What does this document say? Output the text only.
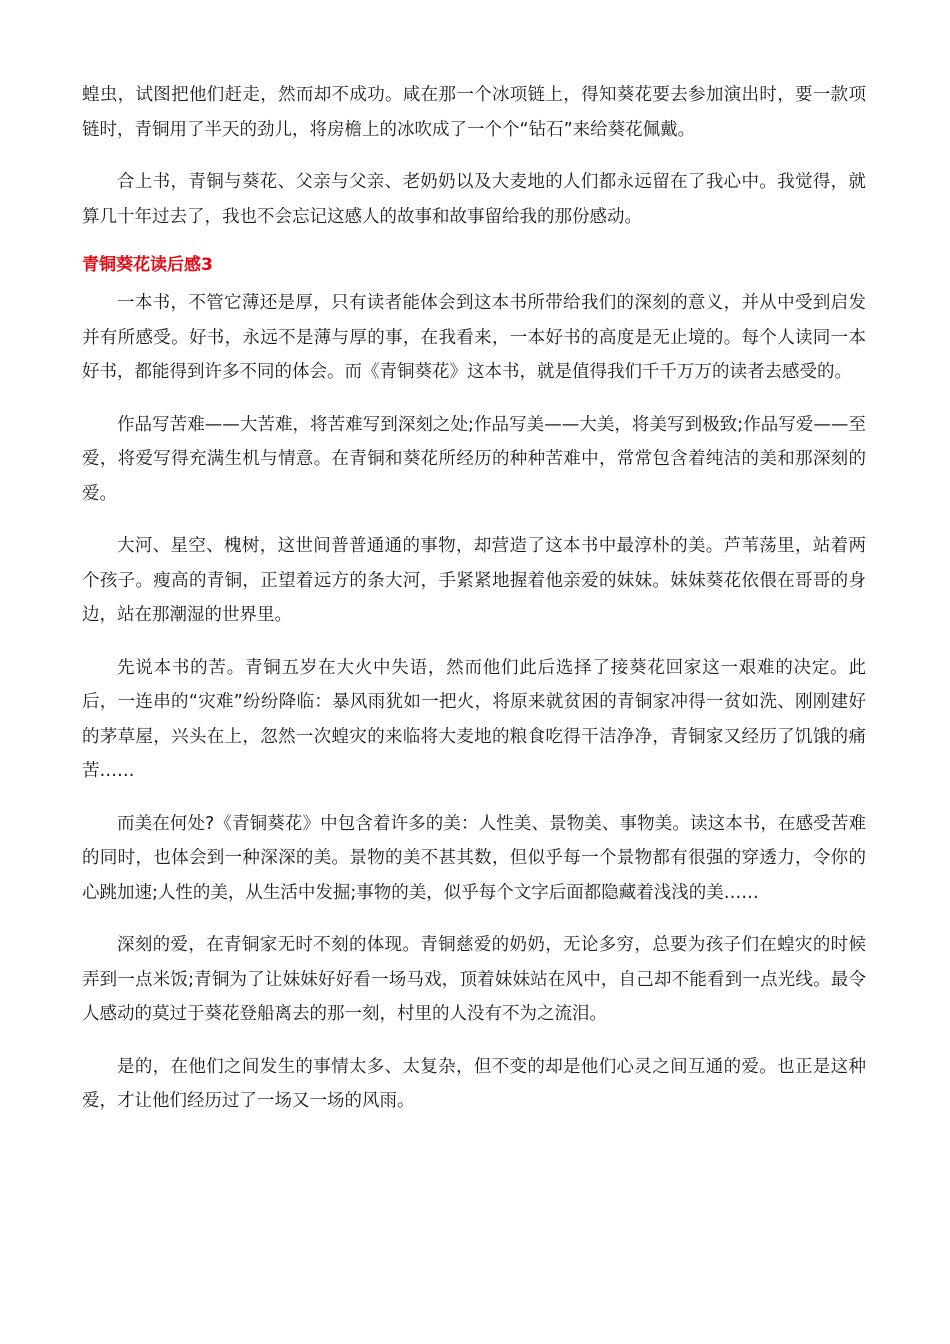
蝗虫，试图把他们赶走，然而却不成功。咸在那一个冰项链上，得知葵花要去参加演出时，要一款项链时，青铜用了半天的劲儿，将房檐上的冰吹成了一个个“钻石”来给葵花佩戴。

合上书，青铜与葵花、父亲与父亲、老奶奶以及大麦地的人们都永远留在了我心中。我觉得，就算几十年过去了，我也不会忘记这感人的故事和故事留给我的那份感动。

青铜葵花读后感3

一本书，不管它薄还是厚，只有读者能体会到这本书所带给我们的深刻的意义，并从中受到启发并有所感受。好书，永远不是薄与厚的事，在我看来，一本好书的高度是无止境的。每个人读同一本好书，都能得到许多不同的体会。而《青铜葵花》这本书，就是值得我们千千万万的读者去感受的。

作品写苦难——大苦难，将苦难写到深刻之处;作品写美——大美，将美写到极致;作品写爱——至爱，将爱写得充满生机与情意。在青铜和葵花所经历的种种苦难中，常常包含着纯洁的美和那深刻的爱。

大河、星空、槐树，这世间普普通通的事物，却营造了这本书中最淳朴的美。芦苇荡里，站着两个孩子。瘦高的青铜，正望着远方的条大河，手紧紧地握着他亲爱的妹妹。妹妹葵花依偎在哥哥的身边，站在那潮湿的世界里。

先说本书的苦。青铜五岁在大火中失语，然而他们此后选择了接葵花回家这一艰难的决定。此后，一连串的“灾难”纷纷降临：暴风雨犹如一把火，将原来就贫困的青铜家冲得一贫如洗、刚刚建好的茅草屋，兴头在上，忽然一次蝗灾的来临将大麦地的粮食吃得干洁净净，青铜家又经历了饥饿的痛苦……

而美在何处?《青铜葵花》中包含着许多的美：人性美、景物美、事物美。读这本书，在感受苦难的同时，也体会到一种深深的美。景物的美不甚其数，但似乎每一个景物都有很强的穿透力，令你的心跳加速;人性的美，从生活中发掘;事物的美，似乎每个文字后面都隐藏着浅浅的美……

深刻的爱，在青铜家无时不刻的体现。青铜慈爱的奶奶，无论多穷，总要为孩子们在蝗灾的时候弄到一点米饭;青铜为了让妹妹好好看一场马戏，顶着妹妹站在风中，自己却不能看到一点光线。最令人感动的莫过于葵花登船离去的那一刻，村里的人没有不为之流泪。

是的，在他们之间发生的事情太多、太复杂，但不变的却是他们心灵之间互通的爱。也正是这种爱，才让他们经历过了一场又一场的风雨。
